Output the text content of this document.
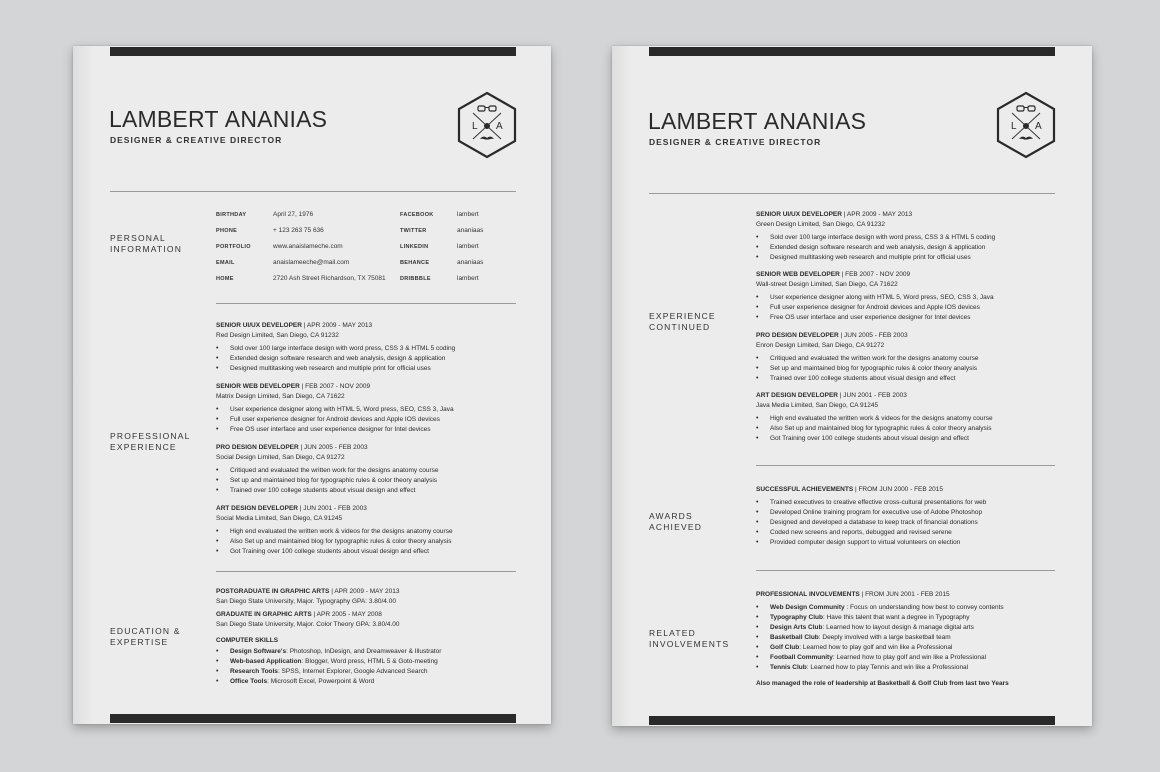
LAMBERT ANANIAS
DESIGNER & CREATIVE DIRECTOR
L A
PERSONAL
INFORMATION
BIRTHDAY	April 27, 1976
PHONE	+ 123 263 75 636
PORTFOLIO	www.anaislameche.com
EMAIL	anaislameeche@mail.com
HOME	2720 Ash Street Richardson, TX 75081
FACEBOOK	lambert
TWITTER	ananiaas
LINKEDIN	lambert
BEHANCE	ananiaas
DRIBBBLE	lambert
PROFESSIONAL
EXPERIENCE
SENIOR UI/UX DEVELOPER | APR 2009 - MAY 2013
Red Design Limited, San Diego, CA 91232
• Sold over 100 large interface design with word press, CSS 3 & HTML 5 coding
• Extended design software research and web analysis, design & application
• Designed multitasking web research and multiple print for official uses
SENIOR WEB DEVELOPER | FEB 2007 - NOV 2009
Matrix Design Limited, San Diego, CA 71622
• User experience designer along with HTML 5, Word press, SEO, CSS 3, Java
• Full user experience designer for Android devices and Apple IOS devices
• Free OS user interface and user experience designer for Intel devices
PRO DESIGN DEVELOPER | JUN 2005 - FEB 2003
Social Design Limited, San Diego, CA 91272
• Critiqued and evaluated the written work for the designs anatomy course
• Set up and maintained blog for typographic rules & color theory analysis
• Trained over 100 college students about visual design and effect
ART DESIGN DEVELOPER | JUN 2001 - FEB 2003
Social Media Limited, San Diego, CA 91245
• High end evaluated the written work & videos for the designs anatomy course
• Also Set up and maintained blog for typographic rules & color theory analysis
• Got Training over 100 college students about visual design and effect
EDUCATION &
EXPERTISE
POSTGRADUATE IN GRAPHIC ARTS | APR 2009 - MAY 2013
San Diego State University, Major. Typography GPA: 3.80/4.00
GRADUATE IN GRAPHIC ARTS | APR 2005 - MAY 2008
San Diego State University, Major. Color Theory GPA: 3.80/4.00
COMPUTER SKILLS
• Design Software's: Photoshop, InDesign, and Dreamweaver & Illustrator
• Web-based Application: Blogger, Word press, HTML 5 & Goto-meeting
• Research Tools: SPSS, Internet Explorer, Google Advanced Search
• Office Tools: Microsoft Excel, Powerpoint & Word
LAMBERT ANANIAS
DESIGNER & CREATIVE DIRECTOR
L A
EXPERIENCE
CONTINUED
SENIOR UI/UX DEVELOPER | APR 2009 - MAY 2013
Green Design Limited, San Diego, CA 91232
• Sold over 100 large interface design with word press, CSS 3 & HTML 5 coding
• Extended design software research and web analysis, design & application
• Designed multitasking web research and multiple print for official uses
SENIOR WEB DEVELOPER | FEB 2007 - NOV 2009
Wall-street Design Limited, San Diego, CA 71622
• User experience designer along with HTML 5, Word press, SEO, CSS 3, Java
• Full user experience designer for Android devices and Apple IOS devices
• Free OS user interface and user experience designer for Intel devices
PRO DESIGN DEVELOPER | JUN 2005 - FEB 2003
Enron Design Limited, San Diego, CA 91272
• Critiqued and evaluated the written work for the designs anatomy course
• Set up and maintained blog for typographic rules & color theory analysis
• Trained over 100 college students about visual design and effect
ART DESIGN DEVELOPER | JUN 2001 - FEB 2003
Java Media Limited, San Diego, CA 91245
• High end evaluated the written work & videos for the designs anatomy course
• Also Set up and maintained blog for typographic rules & color theory analysis
• Got Training over 100 college students about visual design and effect
AWARDS
ACHIEVED
SUCCESSFUL ACHIEVEMENTS | FROM JUN 2000 - FEB 2015
• Trained executives to creative effective cross-cultural presentations for web
• Developed Online training program for executive use of Adobe Photoshop
• Designed and developed a database to keep track of financial donations
• Coded new screens and reports, debugged and revised serene
• Provided computer design support to virtual volunteers on election
RELATED
INVOLVEMENTS
PROFESSIONAL INVOLVEMENTS | FROM JUN 2001 - FEB 2015
• Web Design Community : Focus on understanding how best to convey contents
• Typography Club: Have this talent that want a degree in Typography
• Design Arts Club: Learned how to layout design & manage digital arts
• Basketball Club: Deeply involved with a large basketball team
• Golf Club: Learned how to play golf and win like a Professional
• Football Community: Learned how to play golf and win like a Professional
• Tennis Club: Learned how to play Tennis and win like a Professional
Also managed the role of leadership at Basketball & Golf Club from last two Years
